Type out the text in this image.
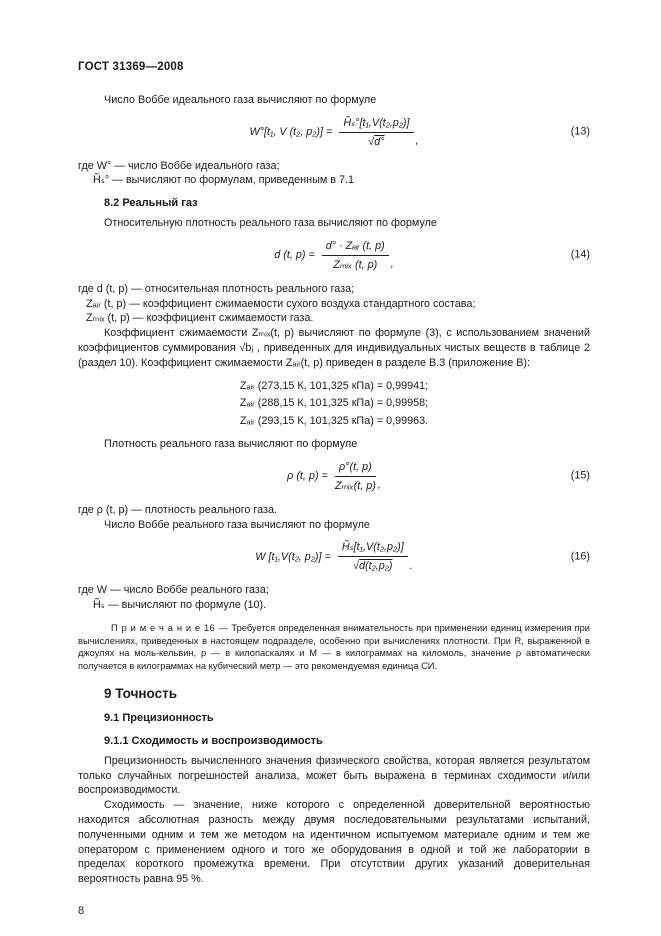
ГОСТ 31369—2008

Число Воббе идеального газа вычисляют по формуле

W°[t₁, V (t₂, $p_2)] = \frac{\text{H̃ₛ°[t₁,V(t₂,p₂)]}}{√d^\circ}$ ,
(13)

где W° — число Воббе идеального газа;

H̃ₛ° — вычисляют по формулам, приведенным в 7.1

8.2 Реальный газ

Относительную плотность реального газа вычисляют по формуле

d (t, $p) = \frac{\text{d° · Zₐᵢᵣ (t, p)}}{\text{Zₘᵢₓ (t, p)}}$ ,
(14)

где d (t, p) — относительная плотность реального газа;

Zₐᵢᵣ (t, p) — коэффициент сжимаемости сухого воздуха стандартного состава;

Zₘᵢₓ (t, p) — коэффициент сжимаемости газа.

Коэффициент сжимаемости Zₘᵢₓ(t, p) вычисляют по формуле (3), с использованием значений коэффициентов суммирования √bⱼ , приведенных для индивидуальных чистых веществ в таблице 2 (раздел 10). Коэффициент сжимаемости Zₐᵢᵣ(t, p) приведен в разделе В.3 (приложение В):

Zₐᵢᵣ (273,15 К, 101,325 кПа) = 0,99941;
Zₐᵢᵣ (288,15 К, 101,325 кПа) = 0,99958;
Zₐᵢᵣ (293,15 К, 101,325 кПа) = 0,99963.

Плотность реального газа вычисляют по формуле

ρ (t, $p) = \frac{\rho^\circ(t, p)}{\text{Zₘᵢₓ(t, p)}}$ ,
(15)

где ρ (t, p) — плотность реального газа.

Число Воббе реального газа вычисляют по формуле

W [t₁,V(t₂, $p_2)] = \frac{\text{H̃ₛ[t₁,V(t₂,p₂)]}}{\text{√d(t₂,p₂)}}$ .
(16)

где W — число Воббе реального газа;

H̃ₛ — вычисляют по формуле (10).

П р и м е ч а н и е 16 — Требуется определенная внимательность при применении единиц измерения при вычислениях, приведенных в настоящем подразделе, особенно при вычислениях плотности. При R, выраженной в джоулях на моль-кельвин, p — в килопаскалях и M — в килограммах на киломоль, значение ρ автоматически получается в килограммах на кубический метр — это рекомендуемая единица СИ.

9 Точность
9.1 Прецизионность
9.1.1 Сходимость и воспроизводимость

Прецизионность вычисленного значения физического свойства, которая является результатом только случайных погрешностей анализа, может быть выражена в терминах сходимости и/или воспроизводимости.

Сходимость — значение, ниже которого с определенной доверительной вероятностью находится абсолютная разность между двумя последовательными результатами испытаний, полученными одним и тем же методом на идентичном испытуемом материале одним и тем же оператором с применением одного и того же оборудования в одной и той же лаборатории в пределах короткого промежутка времени. При отсутствии других указаний доверительная вероятность равна 95 %.

8
